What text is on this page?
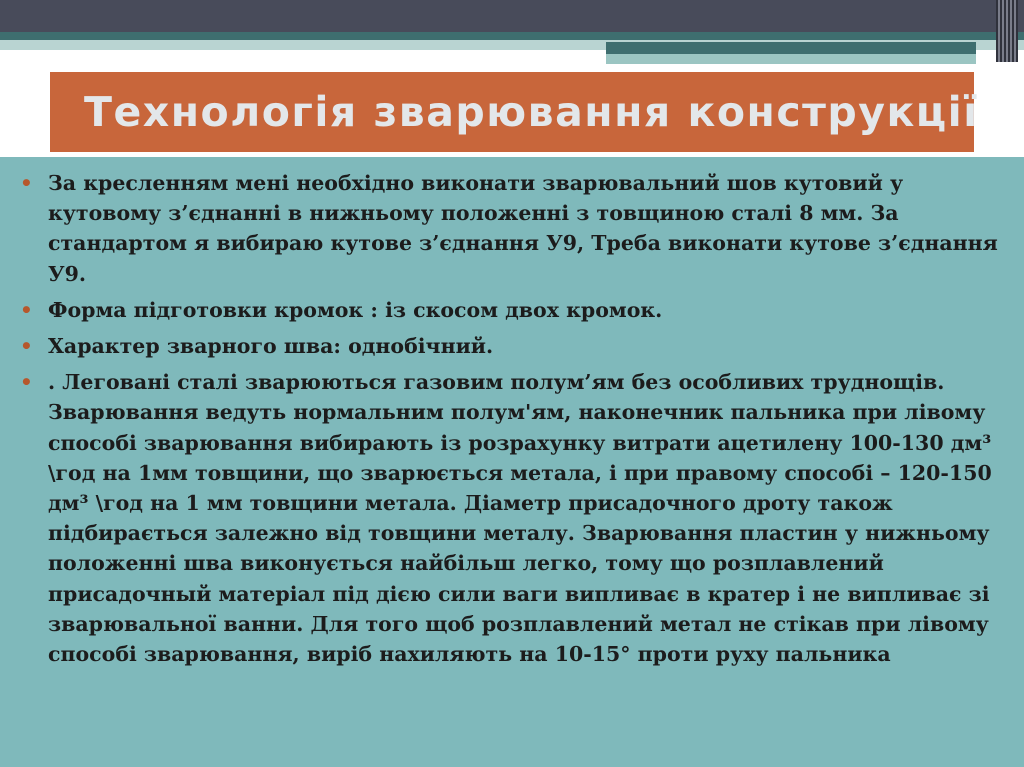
Технологія зварювання конструкції
• За кресленням мені необхідно виконати зварювальний шов кутовий у кутовому з’єднанні в нижньому положенні з товщиною сталі 8 мм. За стандартом я вибираю кутове з’єднання У9, Треба виконати кутове з’єднання У9.
• Форма підготовки кромок : із скосом двох кромок.
• Характер зварного шва: однобічний.
• . Леговані сталі зварюються газовим полум’ям без особливих труднощів. Зварювання ведуть нормальним полум'ям, наконечник пальника при лівому способі зварювання вибирають із розрахунку витрати ацетилену 100-130 дм³ \год на 1мм товщини, що зварюється метала, і при правому способі – 120-150 дм³ \год на 1 мм товщини метала. Діаметр присадочного дроту також підбирається залежно від товщини металу. Зварювання пластин у нижньому положенні шва виконується найбільш легко, тому що розплавлений присадочный матеріал під дією сили ваги випливає в кратер і не випливає зі зварювальної ванни. Для того щоб розплавлений метал не стікав при лівому способі зварювання, виріб нахиляють на 10-15° проти руху пальника
